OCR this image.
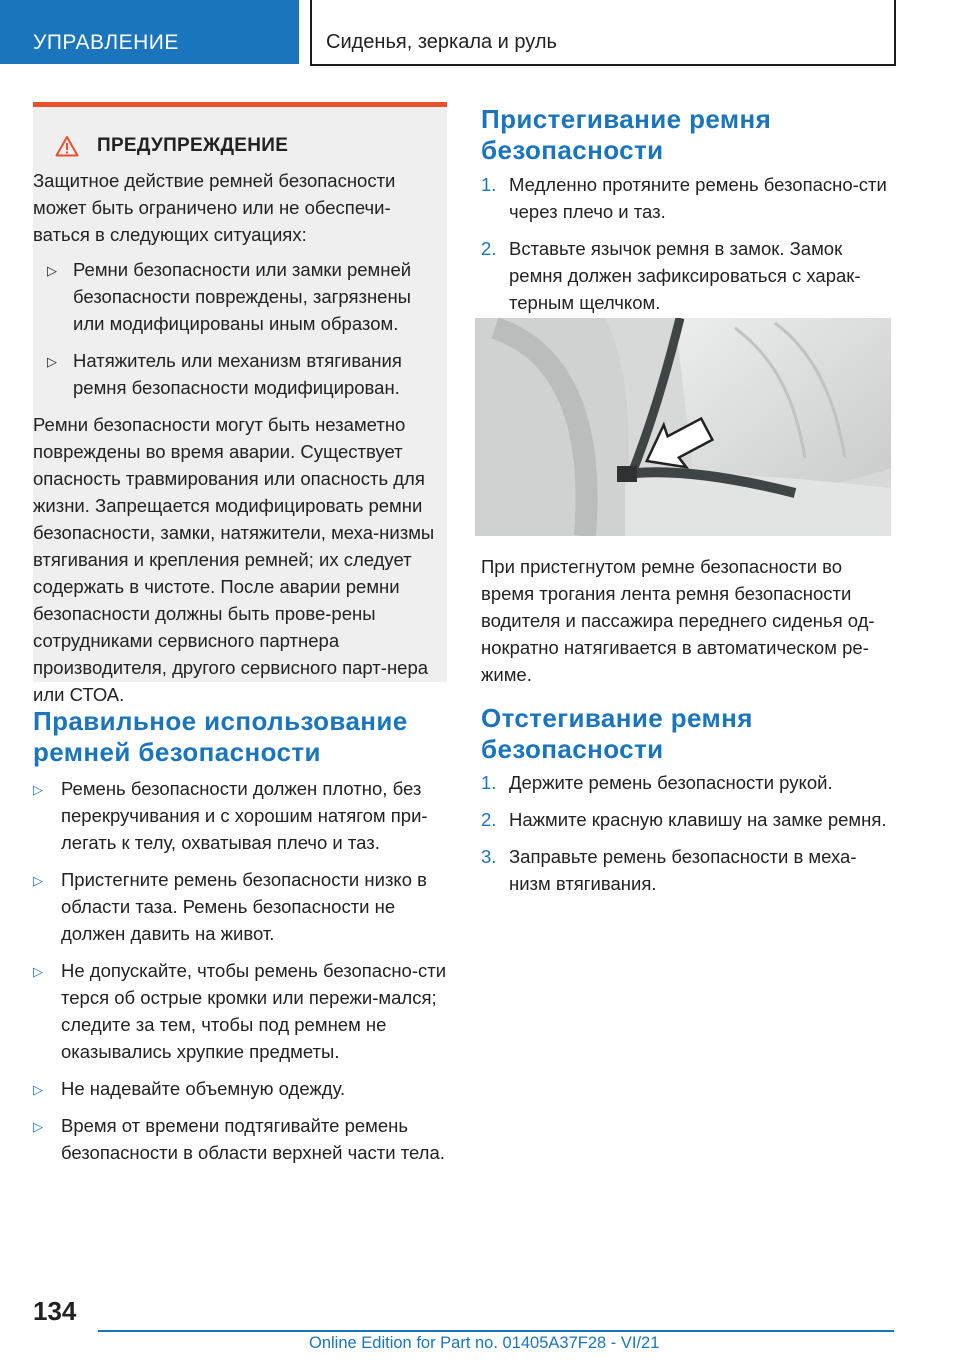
УПРАВЛЕНИЕ	Сиденья, зеркала и руль
ПРЕДУПРЕЖДЕНИЕ

Защитное действие ремней безопасности может быть ограничено или не обеспечи-ваться в следующих ситуациях:

▷ Ремни безопасности или замки ремней безопасности повреждены, загрязнены или модифицированы иным образом.
▷ Натяжитель или механизм втягивания ремня безопасности модифицирован.

Ремни безопасности могут быть незаметно повреждены во время аварии. Существует опасность травмирования или опасность для жизни. Запрещается модифицировать ремни безопасности, замки, натяжители, меха-низмы втягивания и крепления ремней; их следует содержать в чистоте. После аварии ремни безопасности должны быть прове-рены сотрудниками сервисного партнера производителя, другого сервисного парт-нера или СТОА.

Правильное использование ремней безопасности
▷ Ремень безопасности должен плотно, без перекручивания и с хорошим натягом при-легать к телу, охватывая плечо и таз.
▷ Пристегните ремень безопасности низко в области таза. Ремень безопасности не должен давить на живот.
▷ Не допускайте, чтобы ремень безопасно-сти терся об острые кромки или пережи-мался; следите за тем, чтобы под ремнем не оказывались хрупкие предметы.
▷ Не надевайте объемную одежду.
▷ Время от времени подтягивайте ремень безопасности в области верхней части тела.
Пристегивание ремня безопасности
1. Медленно протяните ремень безопасно-сти через плечо и таз.
2. Вставьте язычок ремня в замок. Замок ремня должен зафиксироваться с харак-терным щелчком.

При пристегнутом ремне безопасности во время трогания лента ремня безопасности водителя и пассажира переднего сиденья од-нократно натягивается в автоматическом ре-жиме.

Отстегивание ремня безопасности
1. Держите ремень безопасности рукой.
2. Нажмите красную клавишу на замке ремня.
3. Заправьте ремень безопасности в меха-низм втягивания.
134
Online Edition for Part no. 01405A37F28 - VI/21
